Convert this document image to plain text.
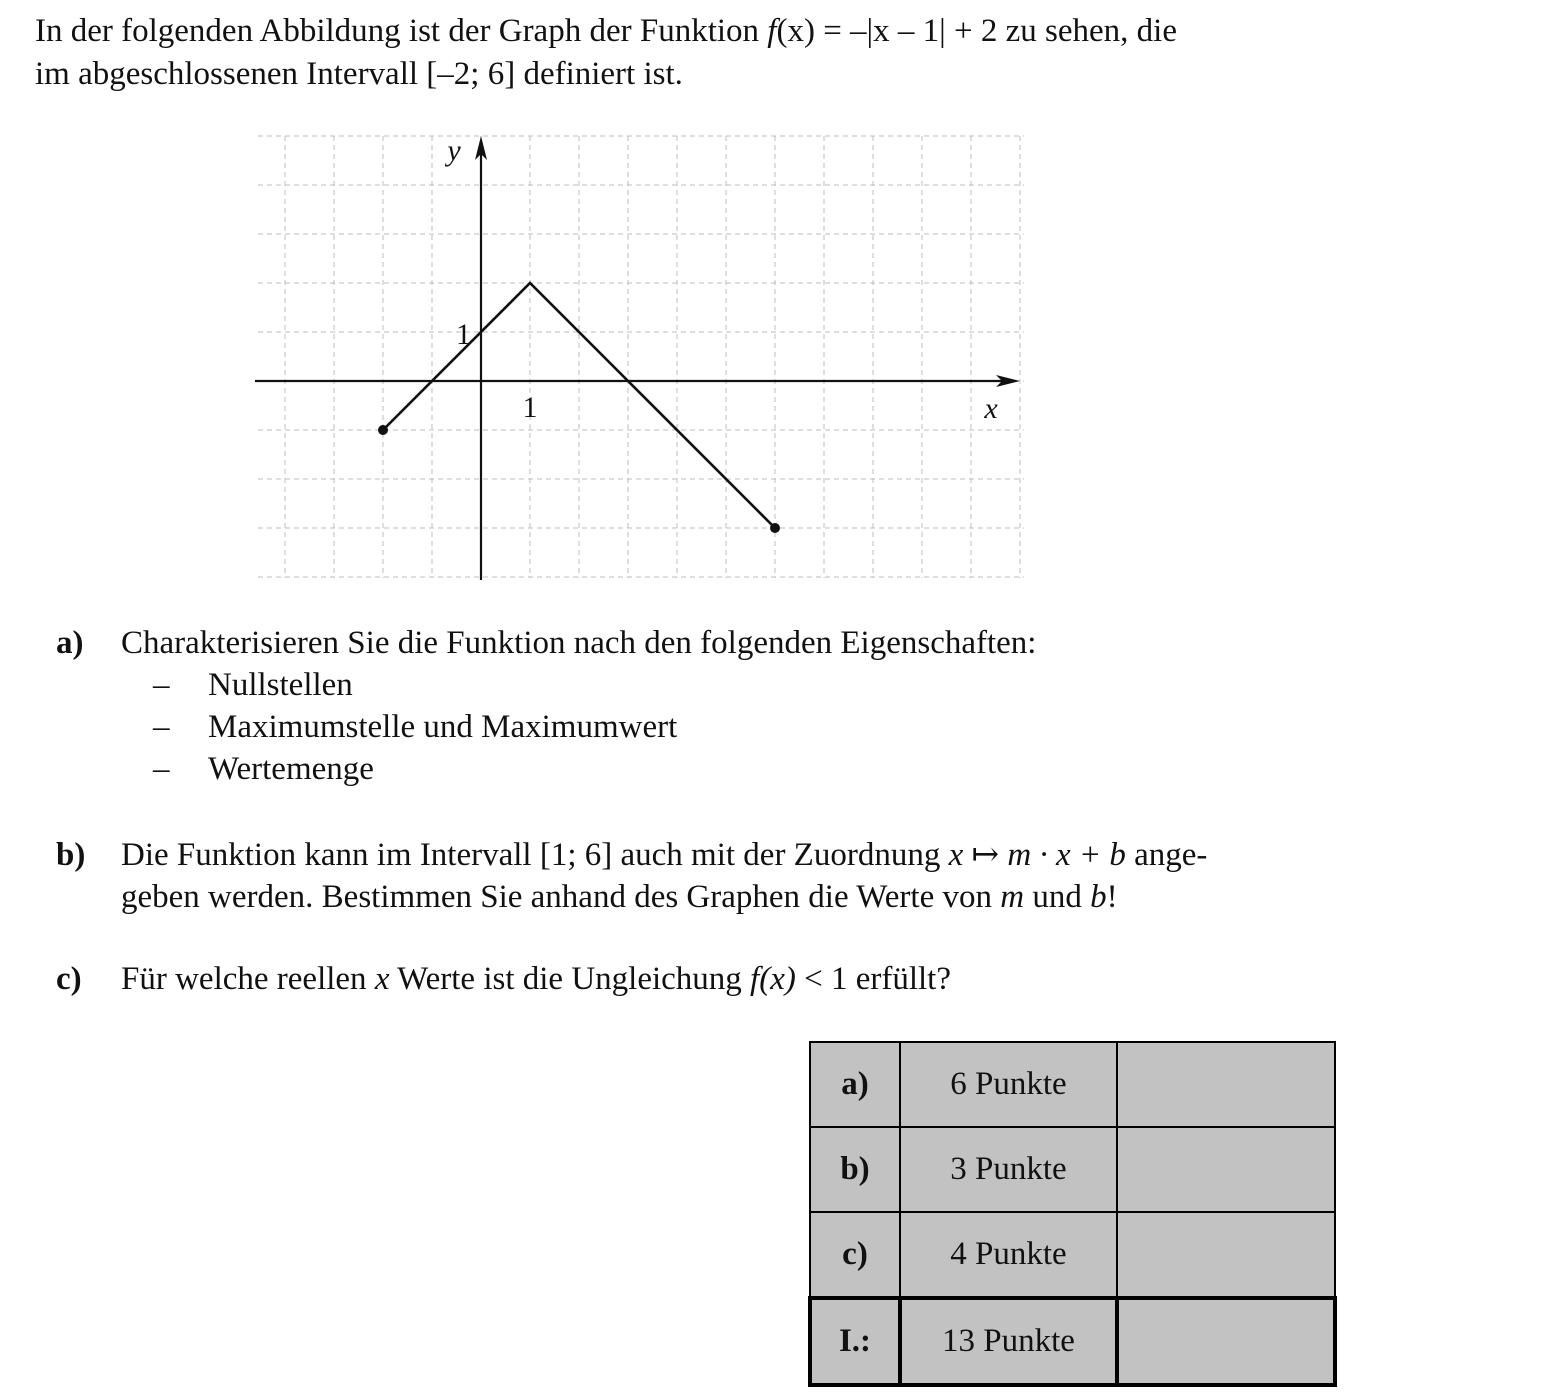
In der folgenden Abbildung ist der Graph der Funktion f(x) = –|x – 1| + 2 zu sehen, die

im abgeschlossenen Intervall [–2; 6] definiert ist.

1
1
x
y
a) Charakterisieren Sie die Funktion nach den folgenden Eigenschaften:
– Nullstellen
– Maximumstelle und Maximumwert
– Wertemenge
b) Die Funktion kann im Intervall [1; 6] auch mit der Zuordnung x ↦ m · x + b ange-
geben werden. Bestimmen Sie anhand des Graphen die Werte von m und b!
c) Für welche reellen x Werte ist die Ungleichung f(x) < 1 erfüllt?
a)	6 Punkte	
b)	3 Punkte	
c)	4 Punkte	
I.:	13 Punkte	
